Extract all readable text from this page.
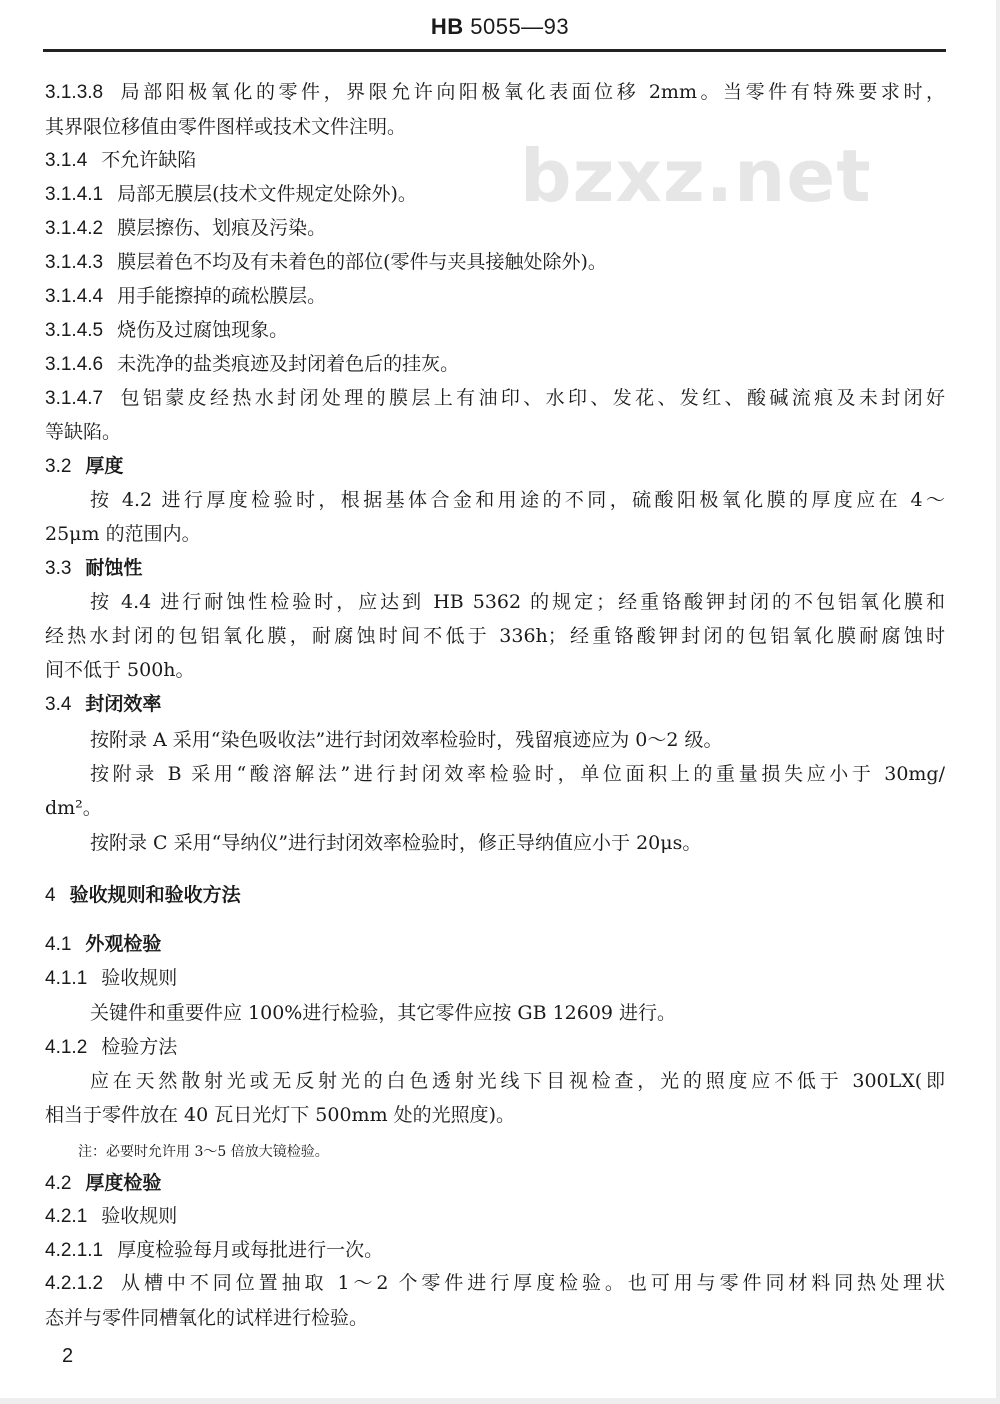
HB 5055—93
bzxz.net
3.1.3.8 局部阳极氧化的零件，界限允许向阳极氧化表面位移 2mm。当零件有特殊要求时，
其界限位移值由零件图样或技术文件注明。
3.1.4 不允许缺陷
3.1.4.1 局部无膜层(技术文件规定处除外)。
3.1.4.2 膜层擦伤、划痕及污染。
3.1.4.3 膜层着色不均及有未着色的部位(零件与夹具接触处除外)。
3.1.4.4 用手能擦掉的疏松膜层。
3.1.4.5 烧伤及过腐蚀现象。
3.1.4.6 未洗净的盐类痕迹及封闭着色后的挂灰。
3.1.4.7 包铝蒙皮经热水封闭处理的膜层上有油印、水印、发花、发红、酸碱流痕及未封闭好
等缺陷。
3.2 厚度
按 4.2 进行厚度检验时，根据基体合金和用途的不同，硫酸阳极氧化膜的厚度应在 4～
25μm 的范围内。
3.3 耐蚀性
按 4.4 进行耐蚀性检验时，应达到 HB 5362 的规定；经重铬酸钾封闭的不包铝氧化膜和
经热水封闭的包铝氧化膜，耐腐蚀时间不低于 336h；经重铬酸钾封闭的包铝氧化膜耐腐蚀时
间不低于 500h。
3.4 封闭效率
按附录 A 采用“染色吸收法”进行封闭效率检验时，残留痕迹应为 0～2 级。
按附录 B 采用“酸溶解法”进行封闭效率检验时，单位面积上的重量损失应小于 30mg/
dm²。
按附录 C 采用“导纳仪”进行封闭效率检验时，修正导纳值应小于 20μs。
4 验收规则和验收方法
4.1 外观检验
4.1.1 验收规则
关键件和重要件应 100%进行检验，其它零件应按 GB 12609 进行。
4.1.2 检验方法
应在天然散射光或无反射光的白色透射光线下目视检查，光的照度应不低于 300LX(即
相当于零件放在 40 瓦日光灯下 500mm 处的光照度)。
注：必要时允许用 3～5 倍放大镜检验。
4.2 厚度检验
4.2.1 验收规则
4.2.1.1 厚度检验每月或每批进行一次。
4.2.1.2 从槽中不同位置抽取 1～2 个零件进行厚度检验。也可用与零件同材料同热处理状
态并与零件同槽氧化的试样进行检验。
2
